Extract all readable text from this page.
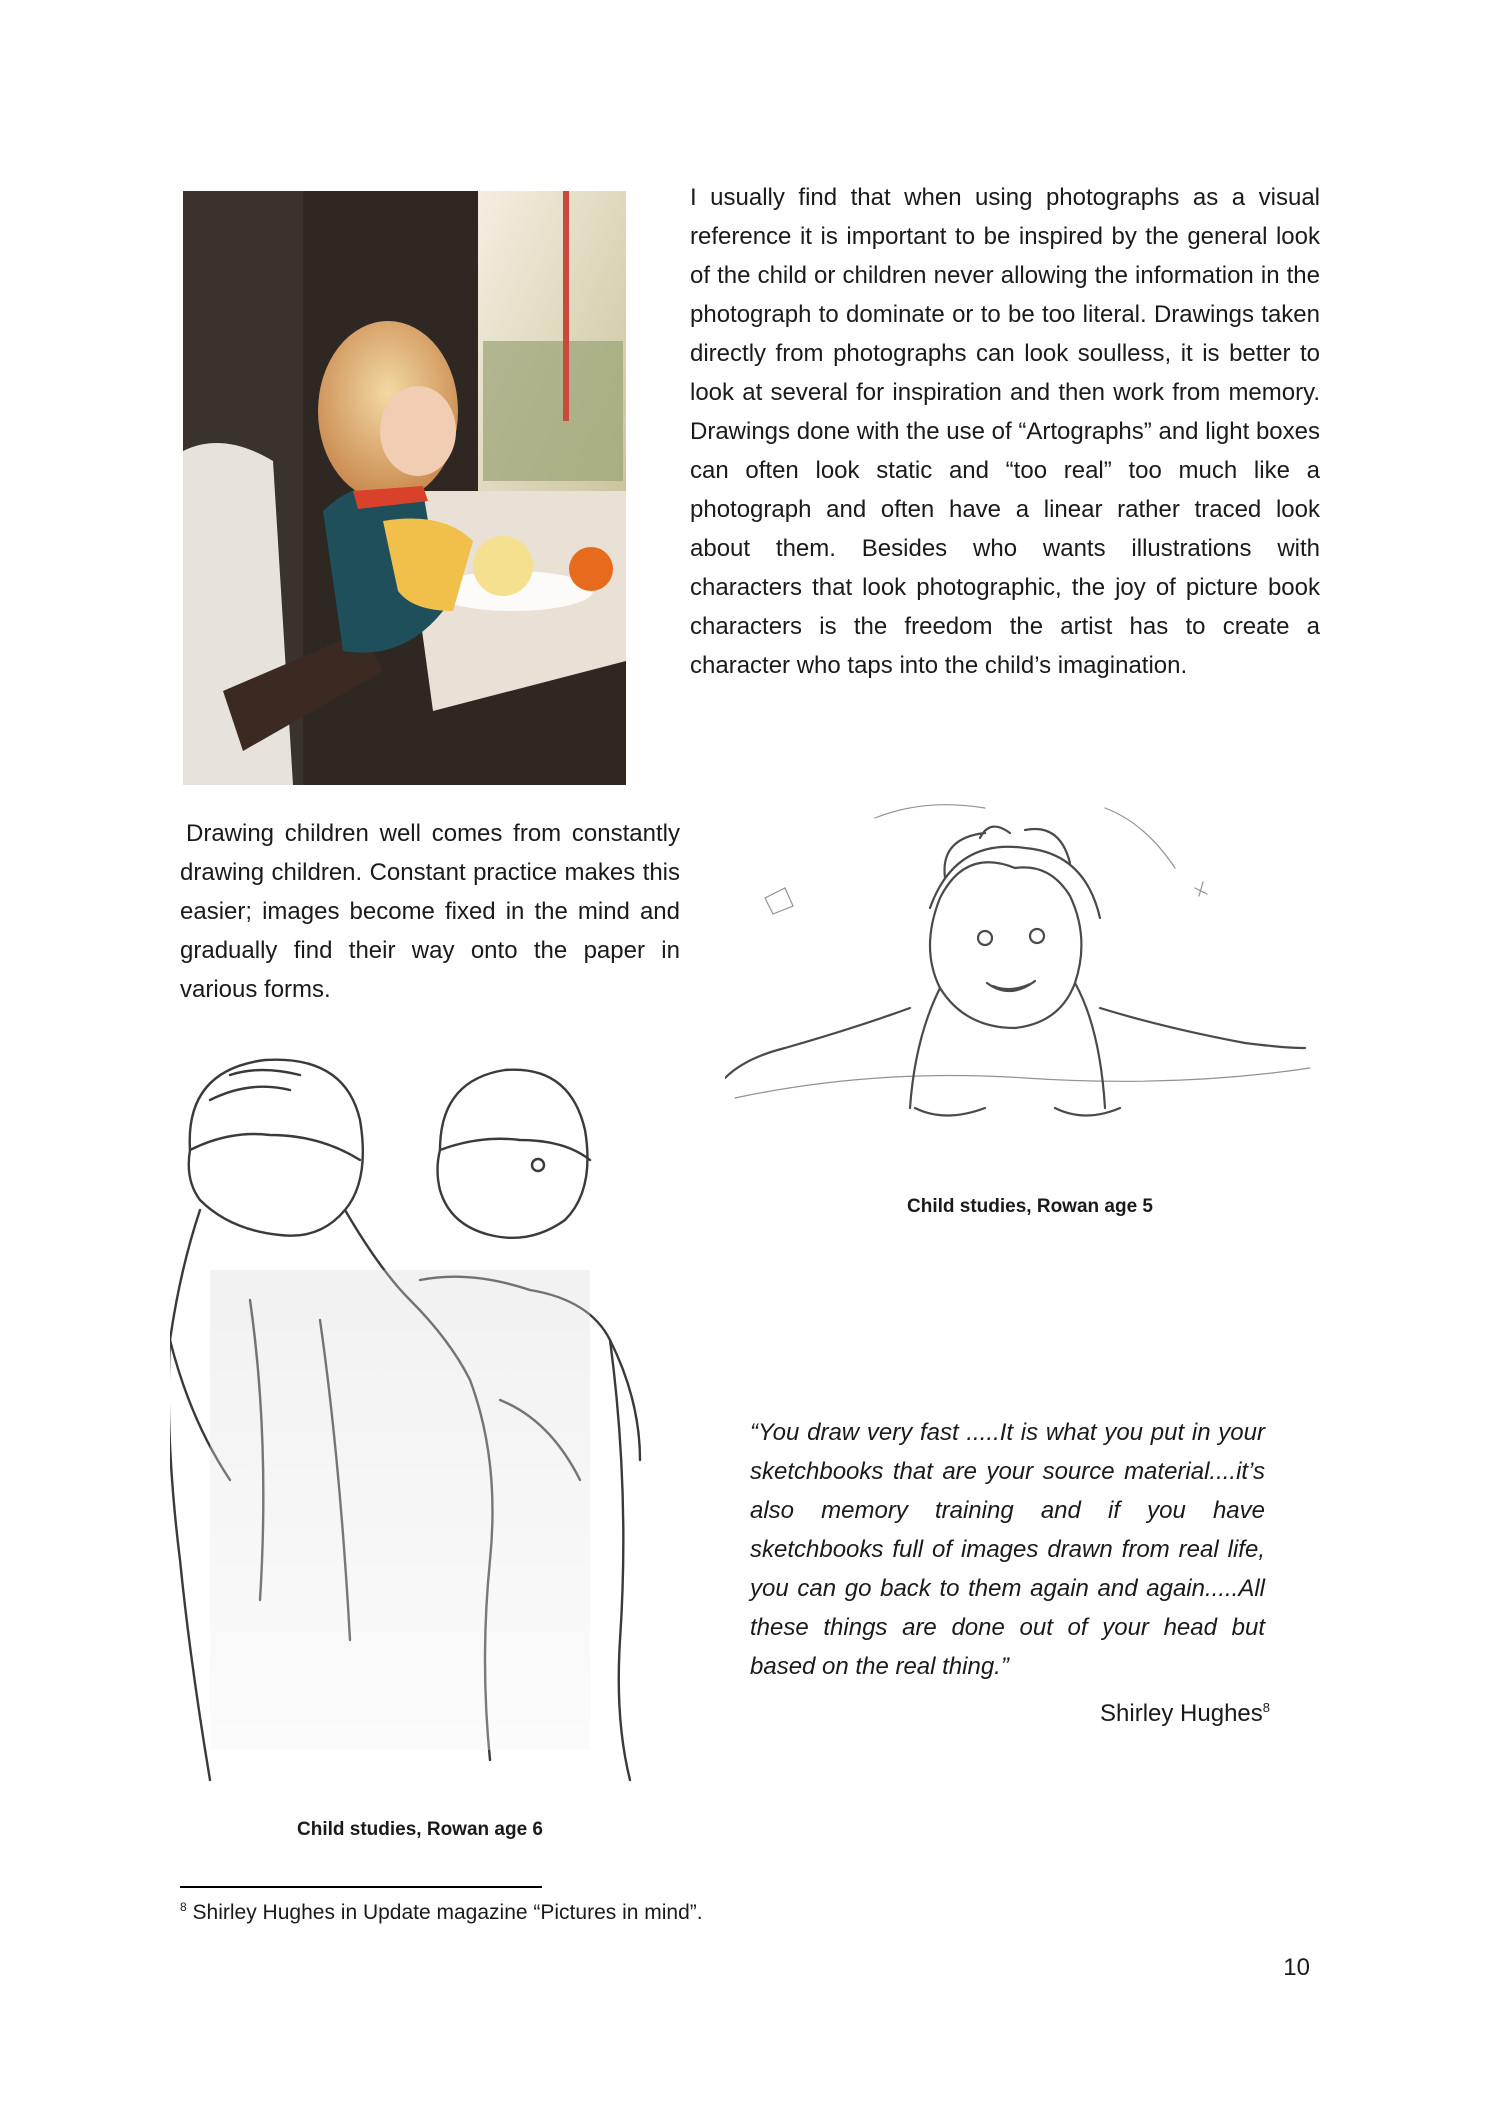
I usually find that when using photographs as a visual reference it is important to be inspired by the general look of the child or children never allowing the information in the photograph to dominate or to be too literal. Drawings taken directly from photographs can look soulless, it is better to look at several for inspiration and then work from memory. Drawings done with the use of “Artographs” and light boxes can often look static and “too real” too much like a photograph and often have a linear rather traced look about them. Besides who wants illustrations with characters that look photographic, the joy of picture book characters is the freedom the artist has to create a character who taps into the child’s imagination.

Drawing children well comes from constantly drawing children. Constant practice makes this easier; images become fixed in the mind and gradually find their way onto the paper in various forms.

Child studies, Rowan age 5
Child studies, Rowan age 6

“You draw very fast .....It is what you put in your sketchbooks that are your source material....it’s also memory training and if you have sketchbooks full of images drawn from real life, you can go back to them again and again.....All these things are done out of your head but based on the real thing.”

Shirley Hughes$^8$
$^8$ Shirley Hughes in Update magazine “Pictures in mind”.
10
